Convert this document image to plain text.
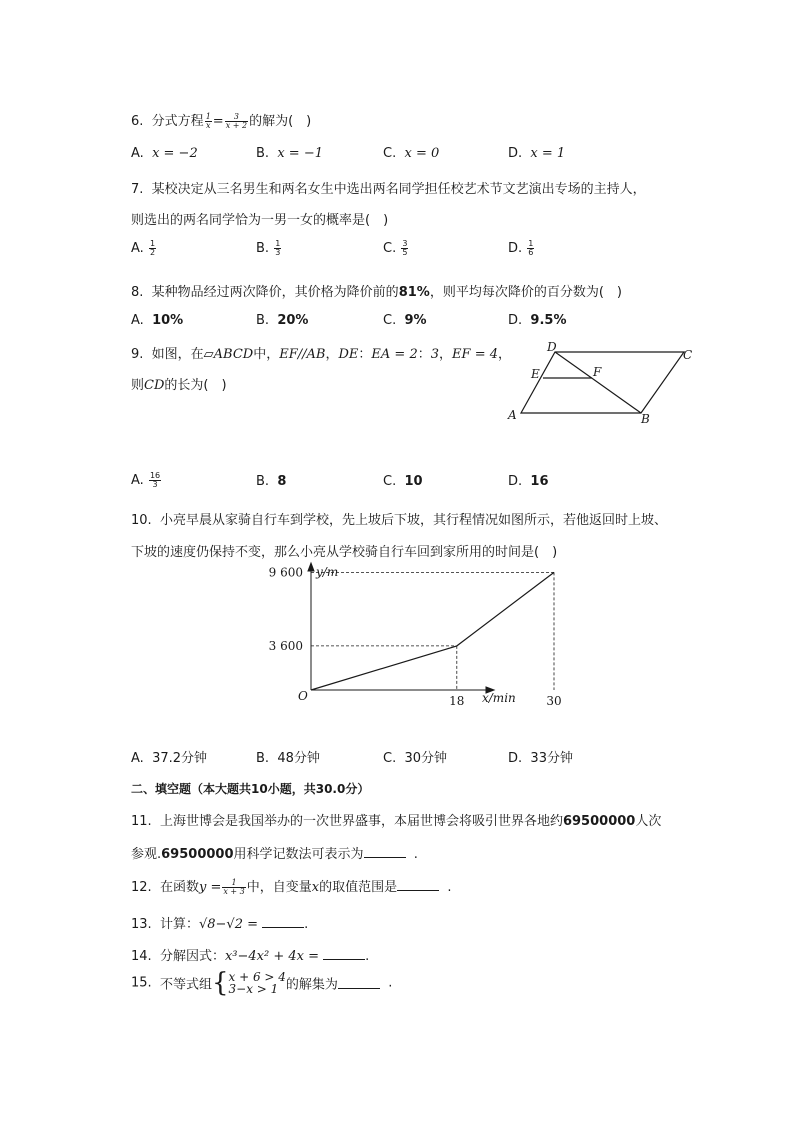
6. 分式方程 $\frac{1}{x} = \frac{3}{x + 2}$ 的解为(　)
A. x = −2	B. x = −1	C. x = 0	D. x = 1
7. 某校决定从三名男生和两名女生中选出两名同学担任校艺术节文艺演出专场的主持人，
则选出的两名同学恰为一男一女的概率是(　)
A. $\frac{1}{2}$	B. $\frac{1}{3}$	C. $\frac{3}{5}$	D. $\frac{1}{6}$
8. 某种物品经过两次降价，其价格为降价前的81%，则平均每次降价的百分数为(　)
A. 10%	B. 20%	C. 9%	D. 9.5%
9. 如图，在▱ABCD中，EF//AB，DE：EA = 2：3，EF = 4，
则CD的长为(　)
D
C
E	F
A	B
A. $\frac{16}{3}$	B. 8	C. 10	D. 16
10. 小亮早晨从家骑自行车到学校，先上坡后下坡，其行程情况如图所示，若他返回时上坡、
下坡的速度仍保持不变，那么小亮从学校骑自行车回到家所用的时间是(　)
18
3 600
30
9 600 y/m
x/min
O
A. 37.2分钟	B. 48分钟	C. 30分钟	D. 33分钟
二、填空题（本大题共10小题，共30.0分）
11. 上海世博会是我国举办的一次世界盛事，本届世博会将吸引世界各地约69500000人次
参观.69500000用科学记数法可表示为	.
12. 在函数$y = \frac{1}{x + 3}$ 中，自变量x的取值范围是	.
13. 计算：√8−√2 =	.
14. 分解因式：x³−4x² + 4x =	.
15. 不等式组{ x + 6 > 4
3−x > 1 的解集为	.
